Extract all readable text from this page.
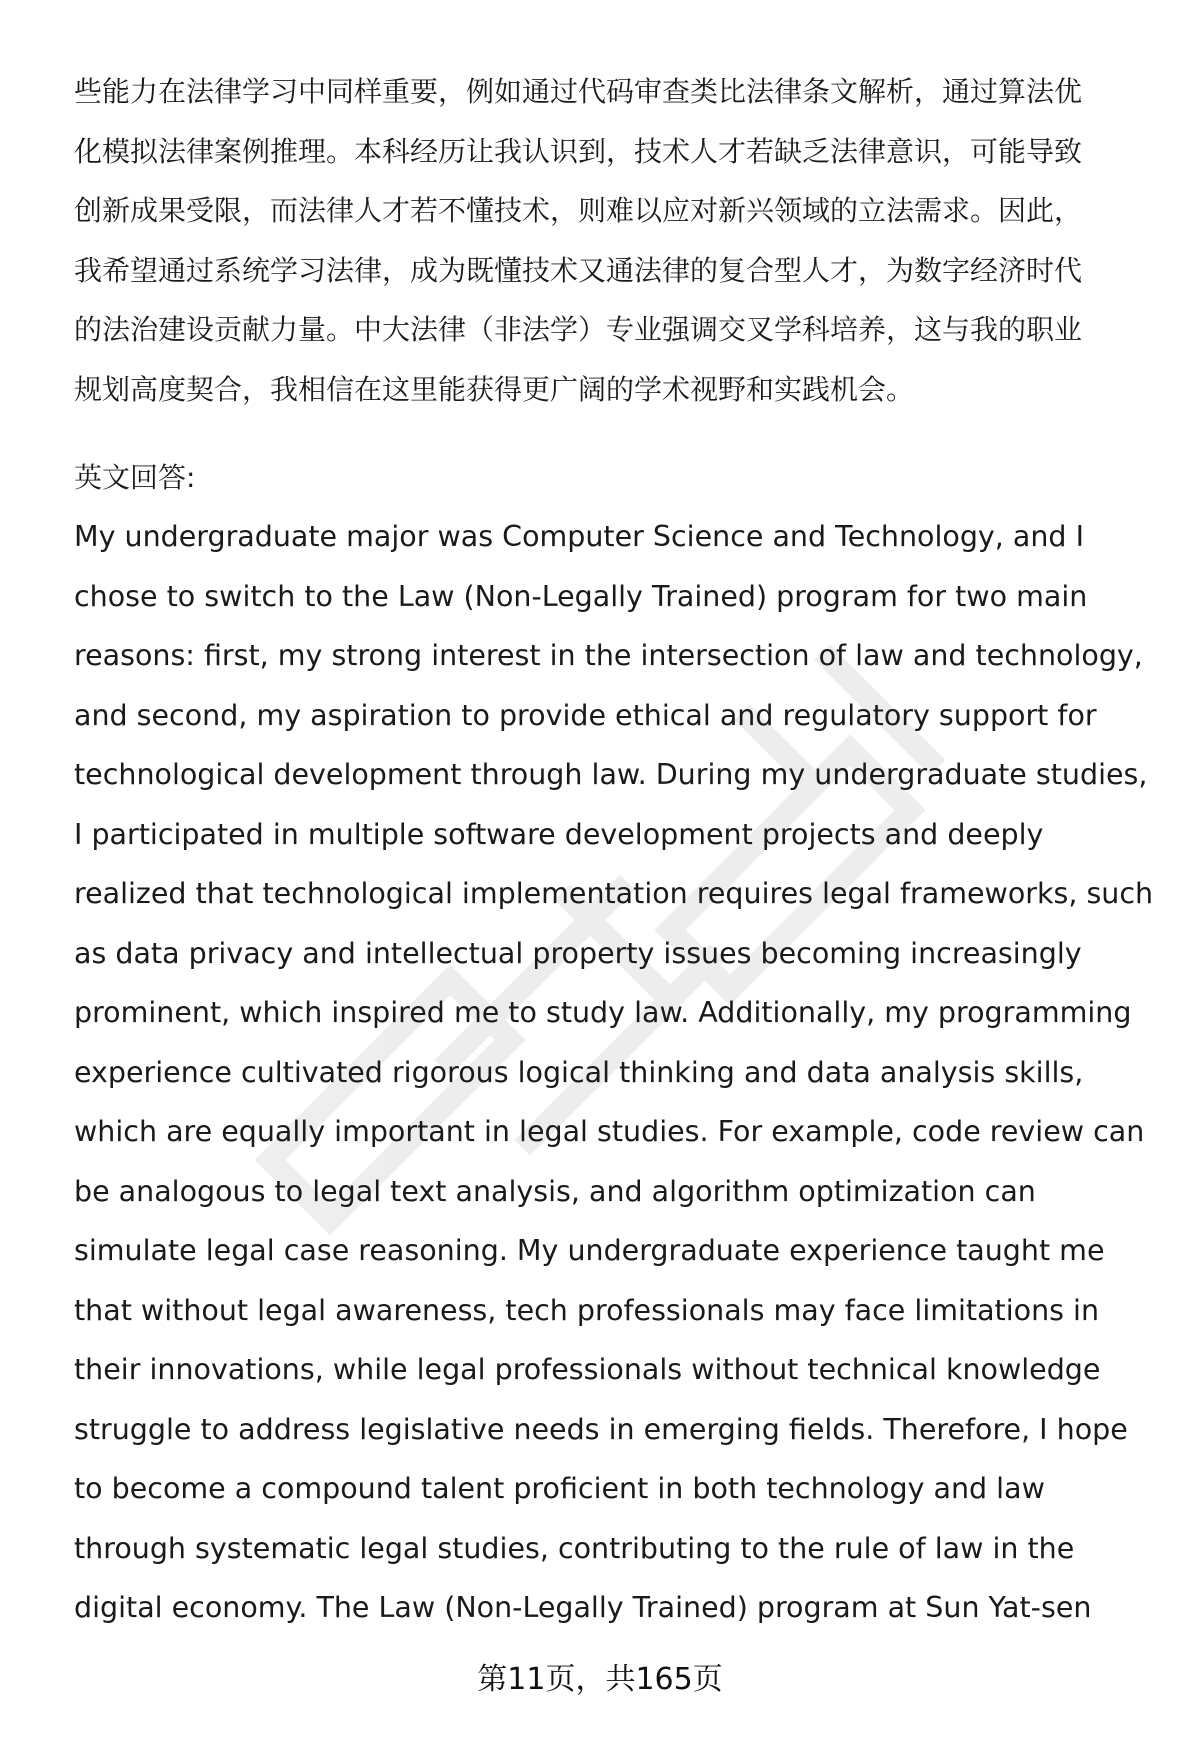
些能力在法律学习中同样重要，例如通过代码审查类比法律条文解析，通过算法优
化模拟法律案例推理。本科经历让我认识到，技术人才若缺乏法律意识，可能导致
创新成果受限，而法律人才若不懂技术，则难以应对新兴领域的立法需求。因此，
我希望通过系统学习法律，成为既懂技术又通法律的复合型人才，为数字经济时代
的法治建设贡献力量。中大法律（非法学）专业强调交叉学科培养，这与我的职业
规划高度契合，我相信在这里能获得更广阔的学术视野和实践机会。
英文回答:
My undergraduate major was Computer Science and Technology, and I
chose to switch to the Law (Non-Legally Trained) program for two main
reasons: first, my strong interest in the intersection of law and technology,
and second, my aspiration to provide ethical and regulatory support for
technological development through law. During my undergraduate studies,
I participated in multiple software development projects and deeply
realized that technological implementation requires legal frameworks, such
as data privacy and intellectual property issues becoming increasingly
prominent, which inspired me to study law. Additionally, my programming
experience cultivated rigorous logical thinking and data analysis skills,
which are equally important in legal studies. For example, code review can
be analogous to legal text analysis, and algorithm optimization can
simulate legal case reasoning. My undergraduate experience taught me
that without legal awareness, tech professionals may face limitations in
their innovations, while legal professionals without technical knowledge
struggle to address legislative needs in emerging fields. Therefore, I hope
to become a compound talent proficient in both technology and law
through systematic legal studies, contributing to the rule of law in the
digital economy. The Law (Non-Legally Trained) program at Sun Yat-sen
第11页，共165页
